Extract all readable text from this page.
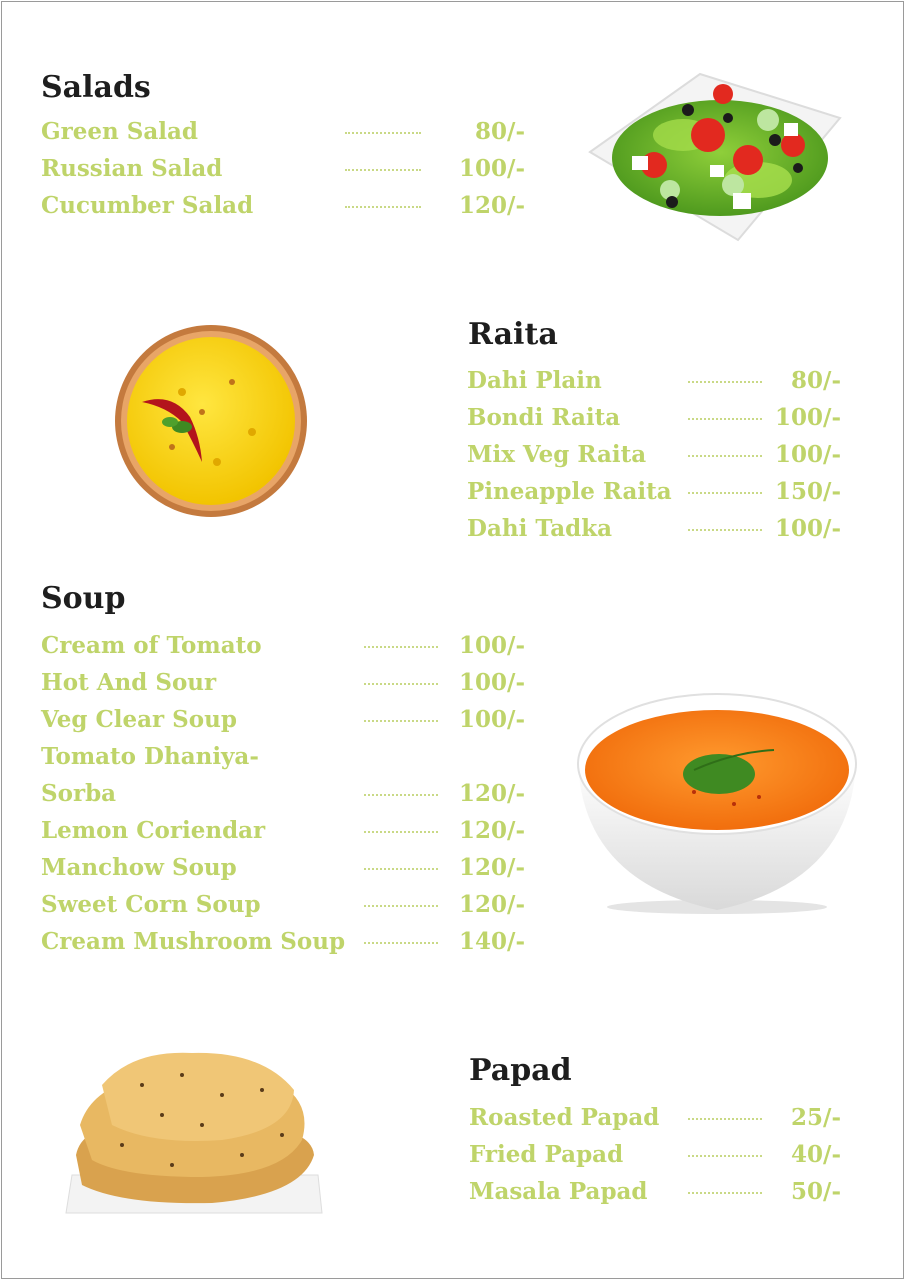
Salads
Green Salad	80/-
Russian Salad	100/-
Cucumber Salad	120/-
Raita
Dahi Plain	80/-
Bondi Raita	100/-
Mix Veg Raita	100/-
Pineapple Raita	150/-
Dahi Tadka	100/-
Soup
Cream of Tomato	100/-
Hot And Sour	100/-
Veg Clear Soup	100/-
Tomato Dhaniya-
Sorba	120/-
Lemon Coriendar	120/-
Manchow Soup	120/-
Sweet Corn Soup	120/-
Cream Mushroom Soup	140/-
Papad
Roasted Papad	25/-
Fried Papad	40/-
Masala Papad	50/-
